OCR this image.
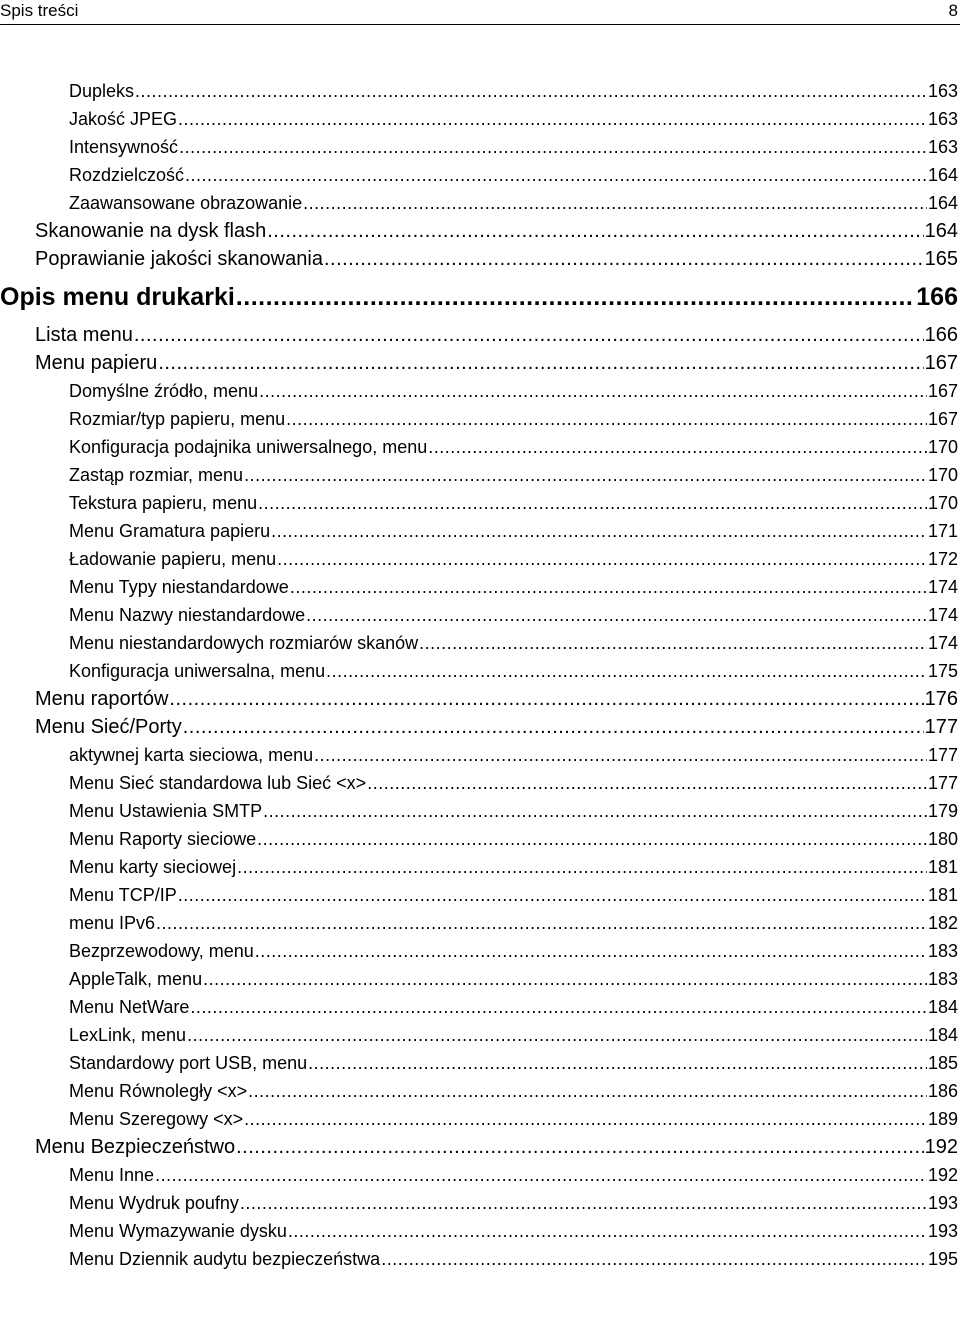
Spis treści	8
Dupleks .....	163
Jakość JPEG .....	163
Intensywność .....	163
Rozdzielczość .....	164
Zaawansowane obrazowanie .....	164
Skanowanie na dysk flash .....	164
Poprawianie jakości skanowania .....	165
Opis menu drukarki .....	166
Lista menu .....	166
Menu papieru .....	167
Domyślne źródło, menu .....	167
Rozmiar/typ papieru, menu .....	167
Konfiguracja podajnika uniwersalnego, menu .....	170
Zastąp rozmiar, menu .....	170
Tekstura papieru, menu .....	170
Menu Gramatura papieru .....	171
Ładowanie papieru, menu .....	172
Menu Typy niestandardowe .....	174
Menu Nazwy niestandardowe .....	174
Menu niestandardowych rozmiarów skanów .....	174
Konfiguracja uniwersalna, menu .....	175
Menu raportów .....	176
Menu Sieć/Porty .....	177
aktywnej karta sieciowa, menu .....	177
Menu Sieć standardowa lub Sieć <x> .....	177
Menu Ustawienia SMTP .....	179
Menu Raporty sieciowe .....	180
Menu karty sieciowej .....	181
Menu TCP/IP .....	181
menu IPv6 .....	182
Bezprzewodowy, menu .....	183
AppleTalk, menu .....	183
Menu NetWare .....	184
LexLink, menu .....	184
Standardowy port USB, menu .....	185
Menu Równoległy <x> .....	186
Menu Szeregowy <x> .....	189
Menu Bezpieczeństwo .....	192
Menu Inne .....	192
Menu Wydruk poufny .....	193
Menu Wymazywanie dysku .....	193
Menu Dziennik audytu bezpieczeństwa .....	195
